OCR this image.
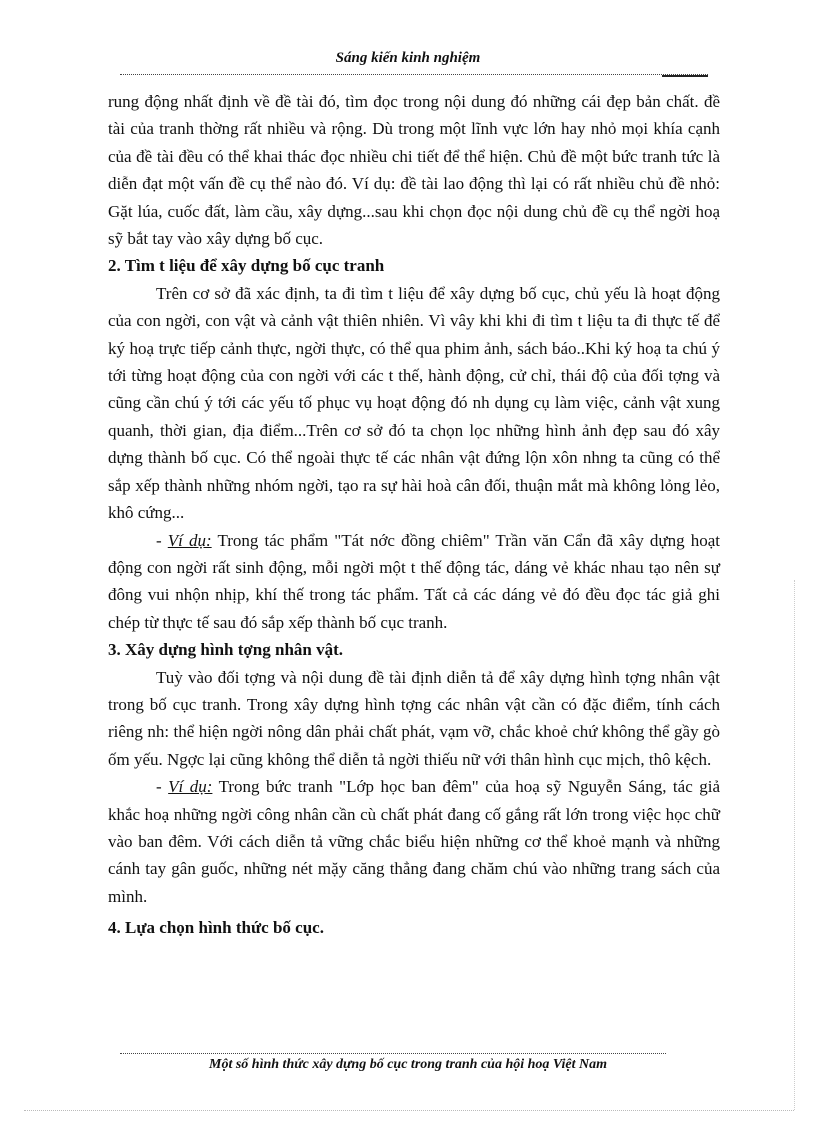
Sáng kiến kinh nghiệm

rung động nhất định về đề tài đó, tìm đọc trong nội dung đó những cái đẹp bản chất. đề tài của tranh thờng rất nhiều và rộng. Dù trong một lĩnh vực lớn hay nhỏ mọi khía cạnh của đề tài đều có thể khai thác đọc nhiều chi tiết để thể hiện. Chủ đề một bức tranh tức là diễn đạt một vấn đề cụ thể nào đó. Ví dụ: đề tài lao động thì lại có rất nhiều chủ đề nhỏ: Gặt lúa, cuốc đất, làm cầu, xây dựng...sau khi chọn đọc nội dung chủ đề cụ thể ngời hoạ sỹ bắt tay vào xây dựng bố cục.

2. Tìm t liệu để xây dựng bố cục tranh

Trên cơ sở đã xác định, ta đi tìm t liệu để xây dựng bố cục, chủ yếu là hoạt động của con ngời, con vật và cảnh vật thiên nhiên. Vì vây khi khi đi tìm t liệu ta đi thực tế để ký hoạ trực tiếp cảnh thực, ngời thực, có thể qua phim ảnh, sách báo..Khi ký hoạ ta chú ý tới từng hoạt động của con ngời với các t thế, hành động, cử chỉ, thái độ của đối tợng và cũng cần chú ý tới các yếu tố phục vụ hoạt động đó nh dụng cụ làm việc, cảnh vật xung quanh, thời gian, địa điểm...Trên cơ sở đó ta chọn lọc những hình ảnh đẹp sau đó xây dựng thành bố cục. Có thể ngoài thực tế các nhân vật đứng lộn xôn nhng ta cũng có thể sắp xếp thành những nhóm ngời, tạo ra sự hài hoà cân đối, thuận mắt mà không lỏng lẻo, khô cứng...

- Ví dụ: Trong tác phẩm "Tát nớc đồng chiêm" Trần văn Cẩn đã xây dựng hoạt động con ngời rất sinh động, mỗi ngời một t thế động tác, dáng vẻ khác nhau tạo nên sự đông vui nhộn nhịp, khí thế trong tác phẩm. Tất cả các dáng vẻ đó đều đọc tác giả ghi chép từ thực tế sau đó sắp xếp thành bố cục tranh.

3. Xây dựng hình tợng nhân vật.

Tuỳ vào đối tợng và nội dung đề tài định diễn tả để xây dựng hình tợng nhân vật trong bố cục tranh. Trong xây dựng hình tợng các nhân vật cần có đặc điểm, tính cách riêng nh: thể hiện ngời nông dân phải chất phát, vạm vỡ, chắc khoẻ chứ không thể gầy gò ốm yếu. Ngợc lại cũng không thể diễn tả ngời thiếu nữ với thân hình cục mịch, thô kệch.

- Ví dụ: Trong bức tranh "Lớp học ban đêm" của hoạ sỹ Nguyễn Sáng, tác giả khắc hoạ những ngời công nhân cần cù chất phát đang cố gắng rất lớn trong việc học chữ vào ban đêm. Với cách diễn tả vững chắc biểu hiện những cơ thể khoẻ mạnh và những cánh tay gân guốc, những nét mặy căng thẳng đang chăm chú vào những trang sách của mình.

4. Lựa chọn hình thức bố cục.

Một số hình thức xây dựng bố cục trong tranh của hội hoạ Việt Nam
